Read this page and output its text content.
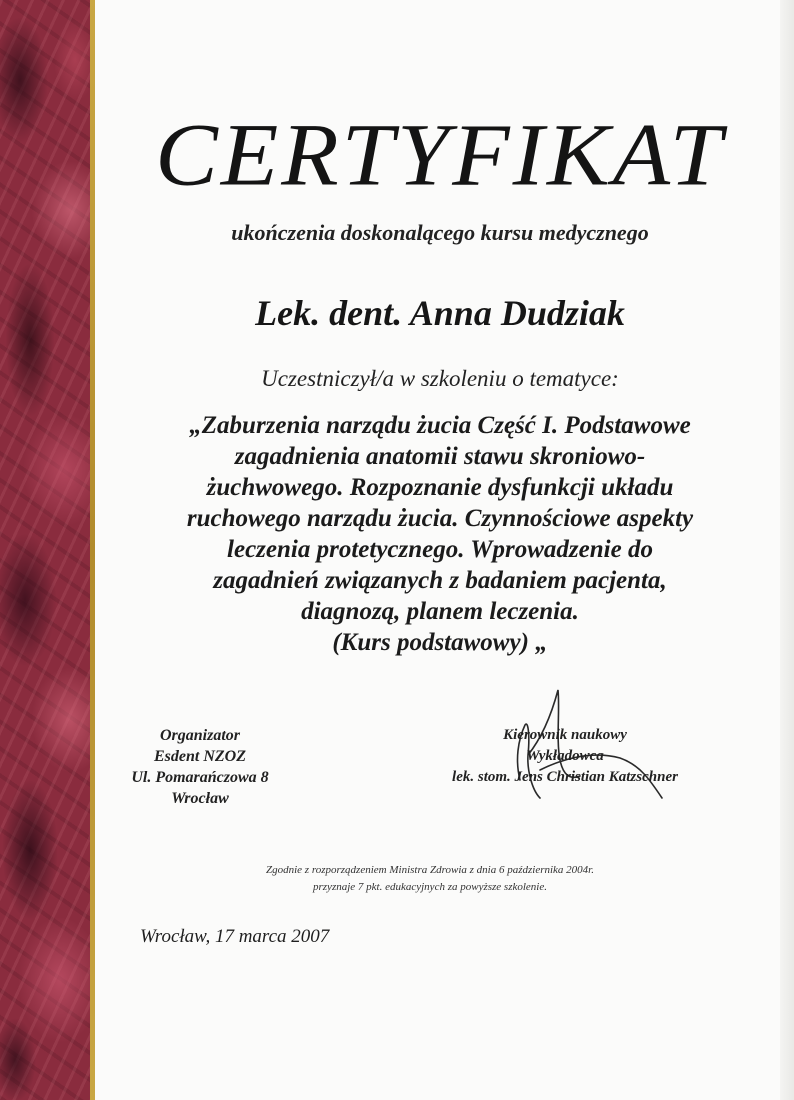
CERTYFIKAT
ukończenia doskonalącego kursu medycznego
Lek. dent. Anna Dudziak
Uczestniczył/a w szkoleniu o tematyce:
„Zaburzenia narządu żucia Część I. Podstawowe
zagadnienia anatomii stawu skroniowo-
żuchwowego. Rozpoznanie dysfunkcji układu
ruchowego narządu żucia. Czynnościowe aspekty
leczenia protetycznego. Wprowadzenie do
zagadnień związanych z badaniem pacjenta,
diagnozą, planem leczenia.
(Kurs podstawowy) „
Organizator
Esdent NZOZ
Ul. Pomarańczowa 8
Wrocław
Kierownik naukowy
Wykładowca
lek. stom. Jens Christian Katzschner
Zgodnie z rozporządzeniem Ministra Zdrowia z dnia 6 października 2004r.
przyznaje 7 pkt. edukacyjnych za powyższe szkolenie.
Wrocław, 17 marca 2007
